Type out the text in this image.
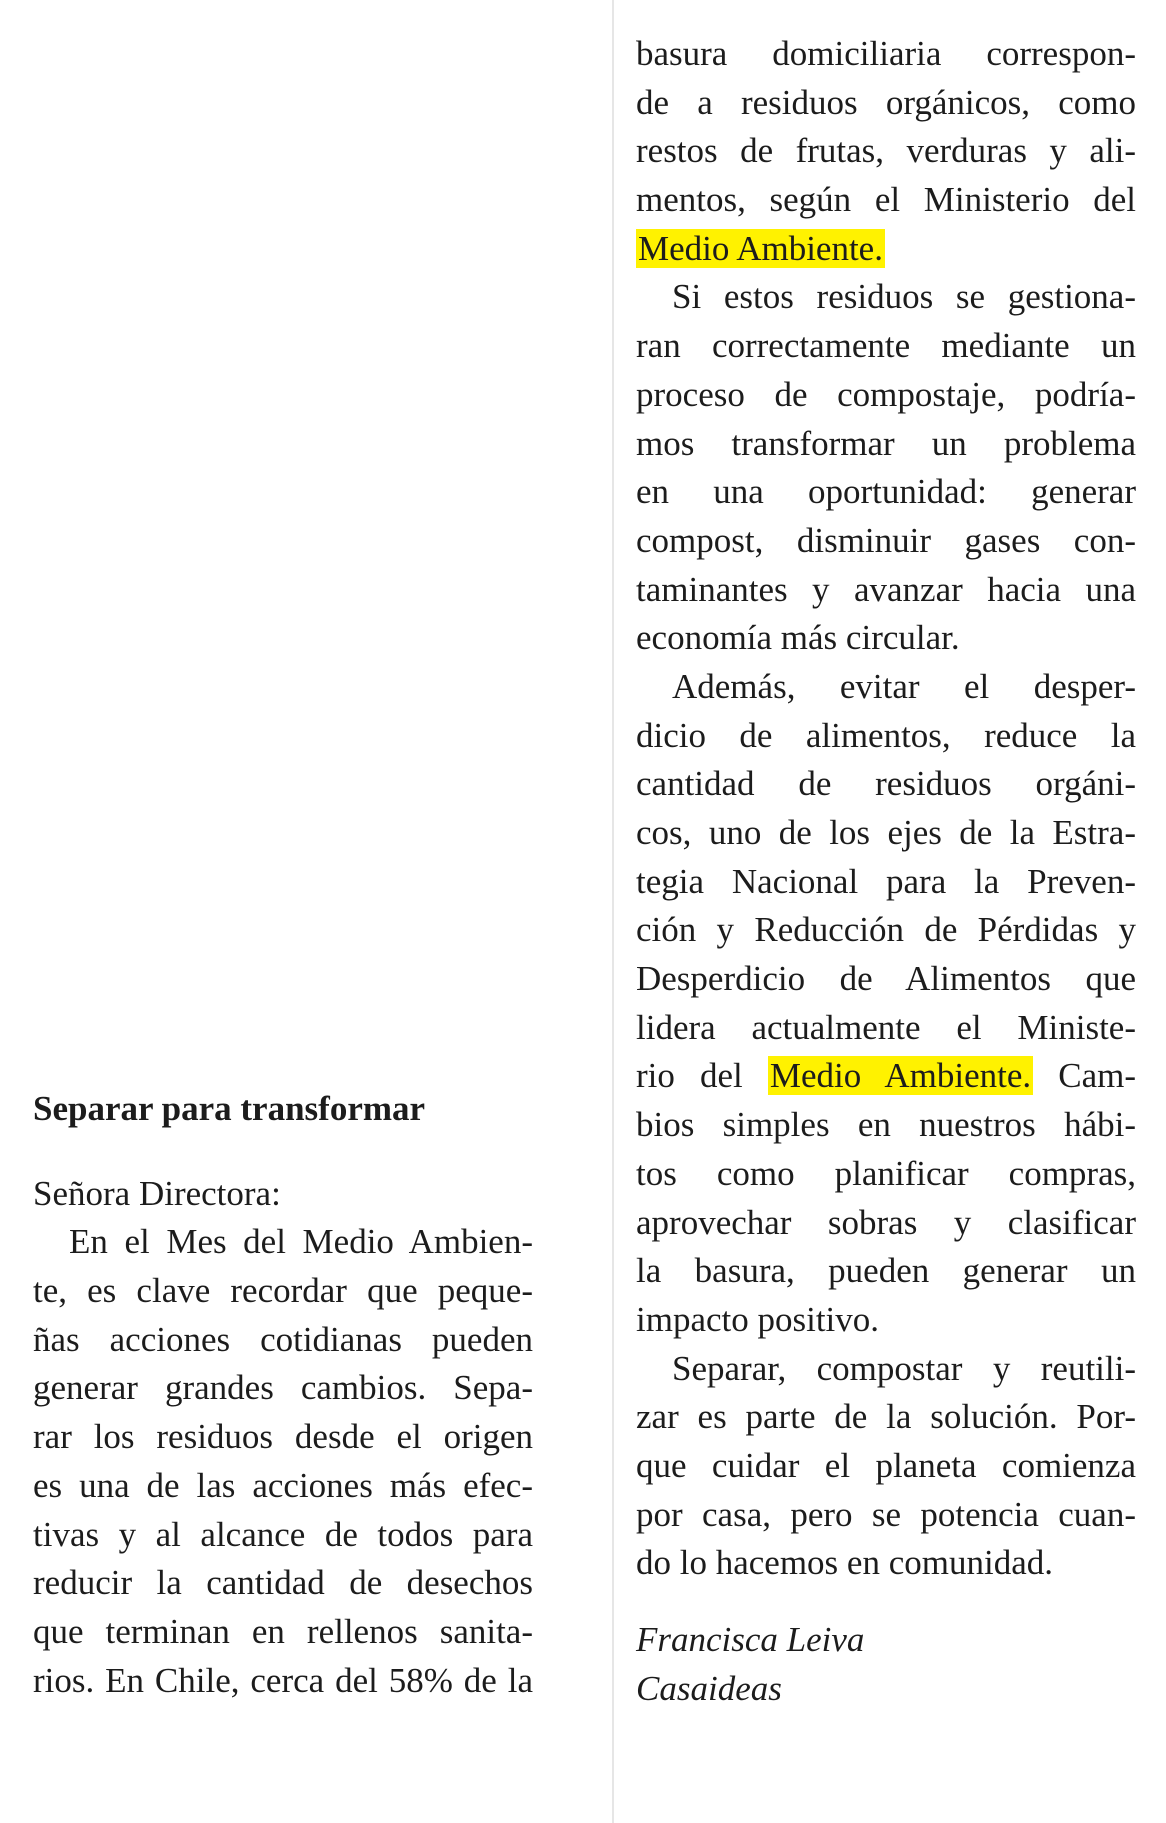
Separar para transformar
Señora Directora:
En el Mes del Medio Ambien-
te, es clave recordar que peque-
ñas acciones cotidianas pueden
generar grandes cambios. Sepa-
rar los residuos desde el origen
es una de las acciones más efec-
tivas y al alcance de todos para
reducir la cantidad de desechos
que terminan en rellenos sanita-
rios. En Chile, cerca del 58% de la
basura domiciliaria correspon-
de a residuos orgánicos, como
restos de frutas, verduras y ali-
mentos, según el Ministerio del
Medio Ambiente.
Si estos residuos se gestiona-
ran correctamente mediante un
proceso de compostaje, podría-
mos transformar un problema
en una oportunidad: generar
compost, disminuir gases con-
taminantes y avanzar hacia una
economía más circular.
Además, evitar el desper-
dicio de alimentos, reduce la
cantidad de residuos orgáni-
cos, uno de los ejes de la Estra-
tegia Nacional para la Preven-
ción y Reducción de Pérdidas y
Desperdicio de Alimentos que
lidera actualmente el Ministe-
rio del Medio Ambiente. Cam-
bios simples en nuestros hábi-
tos como planificar compras,
aprovechar sobras y clasificar
la basura, pueden generar un
impacto positivo.
Separar, compostar y reutili-
zar es parte de la solución. Por-
que cuidar el planeta comienza
por casa, pero se potencia cuan-
do lo hacemos en comunidad.
Francisca Leiva
Casaideas
